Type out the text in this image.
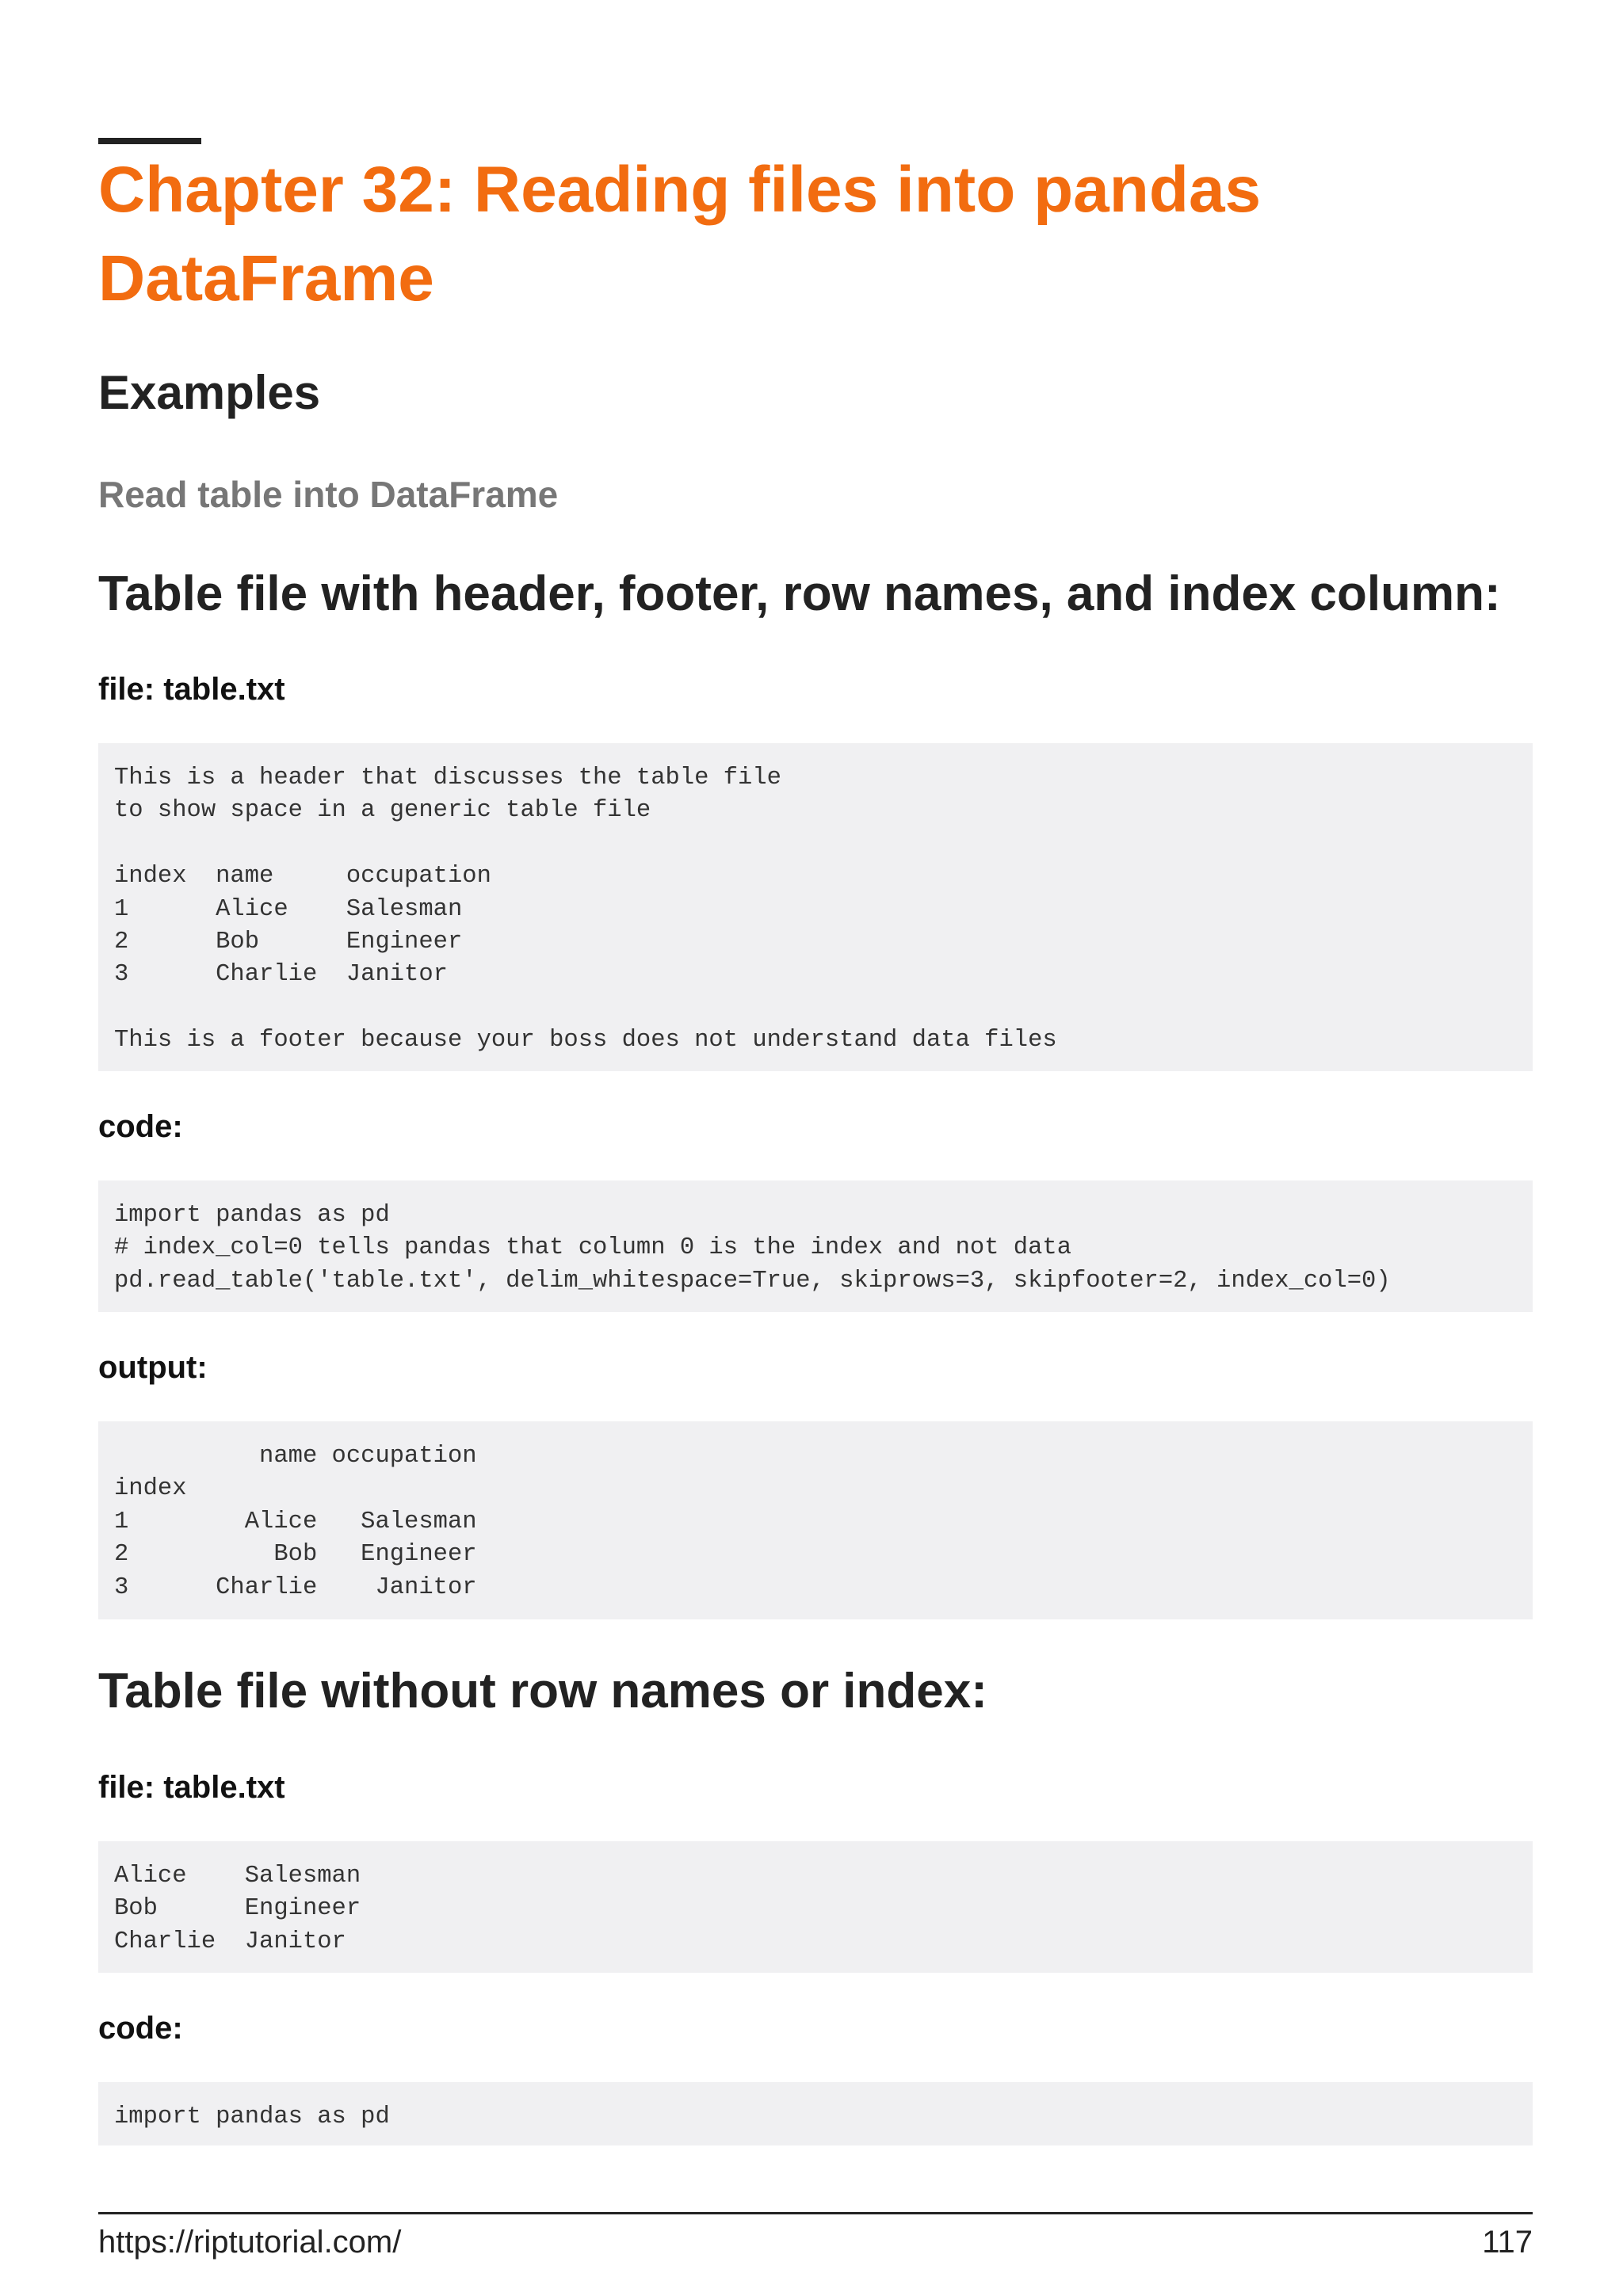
Chapter 32: Reading files into pandas DataFrame
Examples
Read table into DataFrame
Table file with header, footer, row names, and index column:
file: table.txt
This is a header that discusses the table file
to show space in a generic table file

index  name     occupation
1      Alice    Salesman
2      Bob      Engineer
3      Charlie  Janitor

This is a footer because your boss does not understand data files
code:
import pandas as pd
# index_col=0 tells pandas that column 0 is the index and not data
pd.read_table('table.txt', delim_whitespace=True, skiprows=3, skipfooter=2, index_col=0)
output:
name occupation
index
1        Alice   Salesman
2          Bob   Engineer
3      Charlie    Janitor
Table file without row names or index:
file: table.txt
Alice    Salesman
Bob      Engineer
Charlie  Janitor
code:
import pandas as pd
https://riptutorial.com/	117
